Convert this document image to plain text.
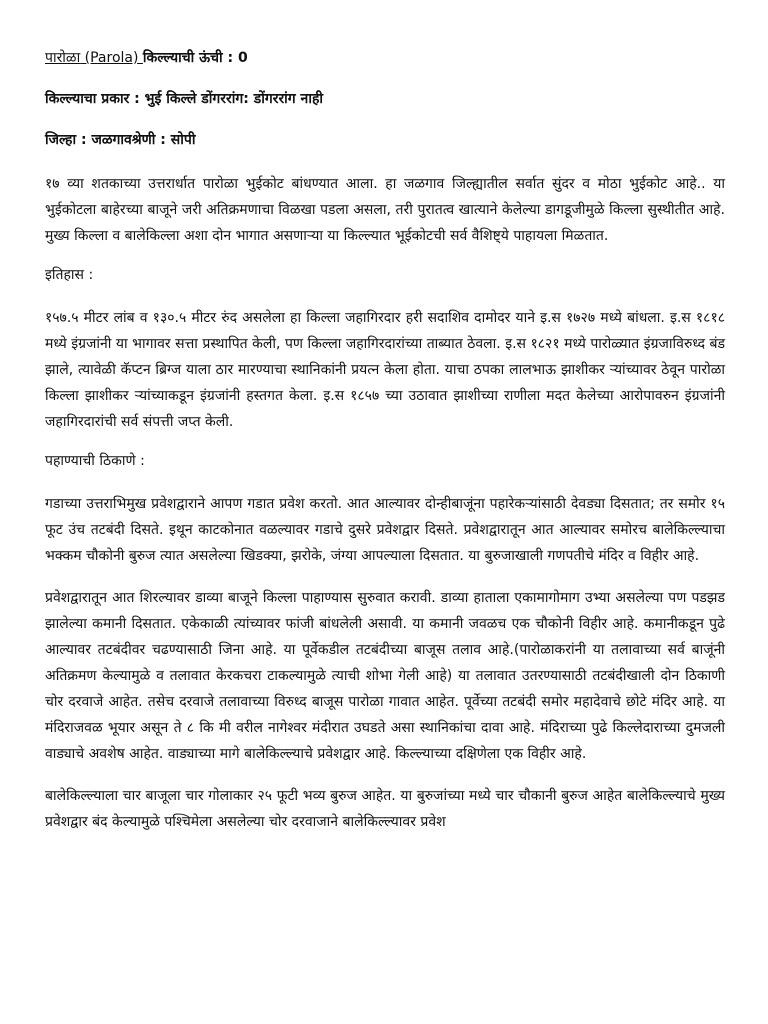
पारोळा (Parola) किल्ल्याची ऊंची : 0
किल्ल्याचा प्रकार : भुई किल्ले डोंगररांग: डोंगररांग नाही
जिल्हा : जळगावश्रेणी : सोपी

१७ व्या शतकाच्या उत्तरार्धात पारोळा भुईकोट बांधण्यात आला. हा जळगाव जिल्ह्यातील सर्वात सुंदर व मोठा भुईकोट आहे.. या भुईकोटला बाहेरच्या बाजूने जरी अतिक्रमणाचा विळखा पडला असला, तरी पुरातत्व खात्याने केलेल्या डागडूजीमुळे किल्ला सुस्थीतीत आहे. मुख्य किल्ला व बालेकिल्ला अशा दोन भागात असणाऱ्या या किल्ल्यात भूईकोटची सर्व वैशिष्ट्ये पाहायला मिळतात.

इतिहास :

१५७.५ मीटर लांब व १३०.५ मीटर रुंद असलेला हा किल्ला जहागिरदार हरी सदाशिव दामोदर याने इ.स १७२७ मध्ये बांधला. इ.स १८१८ मध्ये इंग्रजांनी या भागावर सत्ता प्रस्थापित केली, पण किल्ला जहागिरदारांच्या ताब्यात ठेवला. इ.स १८२१ मध्ये पारोळ्यात इंग्रजाविरुध्द बंड झाले, त्यावेळी कॅप्टन ब्रिग्ज याला ठार मारण्याचा स्थानिकांनी प्रयत्न केला होता. याचा ठपका लालभाऊ झाशीकर ऱ्यांच्यावर ठेवून पारोळा किल्ला झाशीकर ऱ्यांच्याकडून इंग्रजांनी हस्तगत केला. इ.स १८५७ च्या उठावात झाशीच्या राणीला मदत केलेच्या आरोपावरुन इंग्रजांनी जहागिरदारांची सर्व संपत्ती जप्त केली.

पहाण्याची ठिकाणे :

गडाच्या उत्तराभिमुख प्रवेशद्वाराने आपण गडात प्रवेश करतो. आत आल्यावर दोन्हीबाजूंना पहारेकऱ्यांसाठी देवड्या दिसतात; तर समोर १५ फूट उंच तटबंदी दिसते. इथून काटकोनात वळल्यावर गडाचे दुसरे प्रवेशद्वार दिसते. प्रवेशद्वारातून आत आल्यावर समोरच बालेकिल्ल्याचा भक्कम चौकोनी बुरुज त्यात असलेल्या खिडक्या, झरोके, जंग्या आपल्याला दिसतात. या बुरुजाखाली गणपतीचे मंदिर व विहीर आहे.

प्रवेशद्वारातून आत शिरल्यावर डाव्या बाजूने किल्ला पाहाण्यास सुरुवात करावी. डाव्या हाताला एकामागोमाग उभ्या असलेल्या पण पडझड झालेल्या कमानी दिसतात. एकेकाळी त्यांच्यावर फांजी बांधलेली असावी. या कमानी जवळच एक चौकोनी विहीर आहे. कमानीकडून पुढे आल्यावर तटबंदीवर चढण्यासाठी जिना आहे. या पूर्वेकडील तटबंदीच्या बाजूस तलाव आहे.(पारोळाकरांनी या तलावाच्या सर्व बाजूंनी अतिक्रमण केल्यामुळे व तलावात केरकचरा टाकल्यामुळे त्याची शोभा गेली आहे) या तलावात उतरण्यासाठी तटबंदीखाली दोन ठिकाणी चोर दरवाजे आहेत. तसेच दरवाजे तलावाच्या विरुध्द बाजूस पारोळा गावात आहेत. पूर्वेच्या तटबंदी समोर महादेवाचे छोटे मंदिर आहे. या मंदिराजवळ भूयार असून ते ८ कि मी वरील नागेश्वर मंदीरात उघडते असा स्थानिकांचा दावा आहे. मंदिराच्या पुढे किल्लेदाराच्या दुमजली वाड्याचे अवशेष आहेत. वाड्याच्या मागे बालेकिल्ल्याचे प्रवेशद्वार आहे. किल्ल्याच्या दक्षिणेला एक विहीर आहे.

बालेकिल्ल्याला चार बाजूला चार गोलाकार २५ फूटी भव्य बुरुज आहेत. या बुरुजांच्या मध्ये चार चौकानी बुरुज आहेत बालेकिल्ल्याचे मुख्य प्रवेशद्वार बंद केल्यामुळे पश्चिमेला असलेल्या चोर दरवाजाने बालेकिल्ल्यावर प्रवेश
